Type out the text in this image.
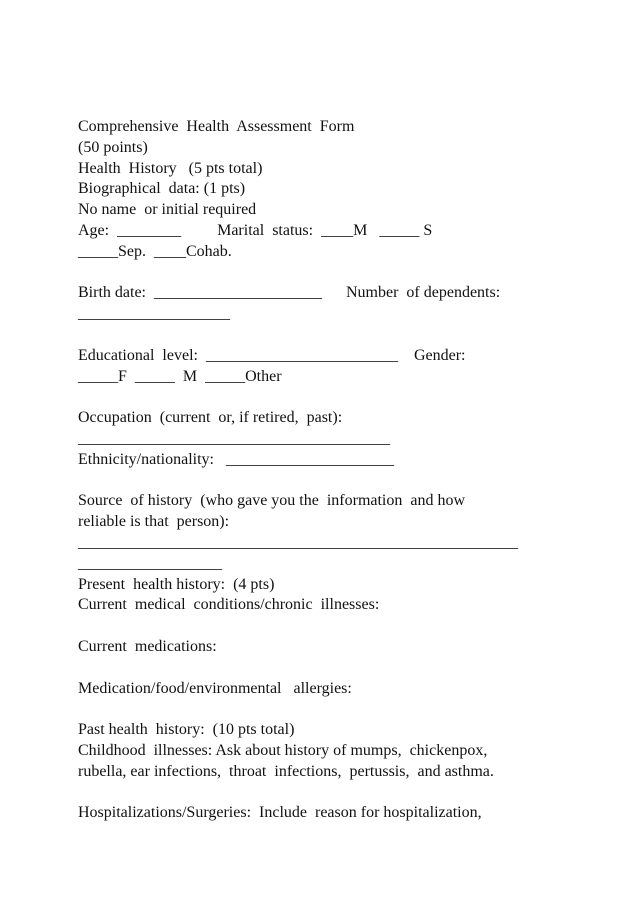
Comprehensive  Health  Assessment  Form
(50 points)
Health  History   (5 pts total)
Biographical  data: (1 pts)
No name  or initial required
Age:  ________         Marital  status:  ____M   _____ S
_____Sep.  ____Cohab.
Birth date:  _____________________      Number  of dependents:
___________________
Educational  level:  ________________________    Gender:
_____F  _____  M  _____Other
Occupation  (current  or, if retired,  past):
_______________________________________
Ethnicity/nationality:   _____________________
Source  of history  (who gave you the  information  and how
reliable is that  person):
_______________________________________________________
__________________
Present  health history:  (4 pts)
Current  medical  conditions/chronic  illnesses:
Current  medications:
Medication/food/environmental   allergies:
Past health  history:  (10 pts total)
Childhood  illnesses: Ask about history of mumps,  chickenpox,
rubella, ear infections,  throat  infections,  pertussis,  and asthma.
Hospitalizations/Surgeries:  Include  reason for hospitalization,
